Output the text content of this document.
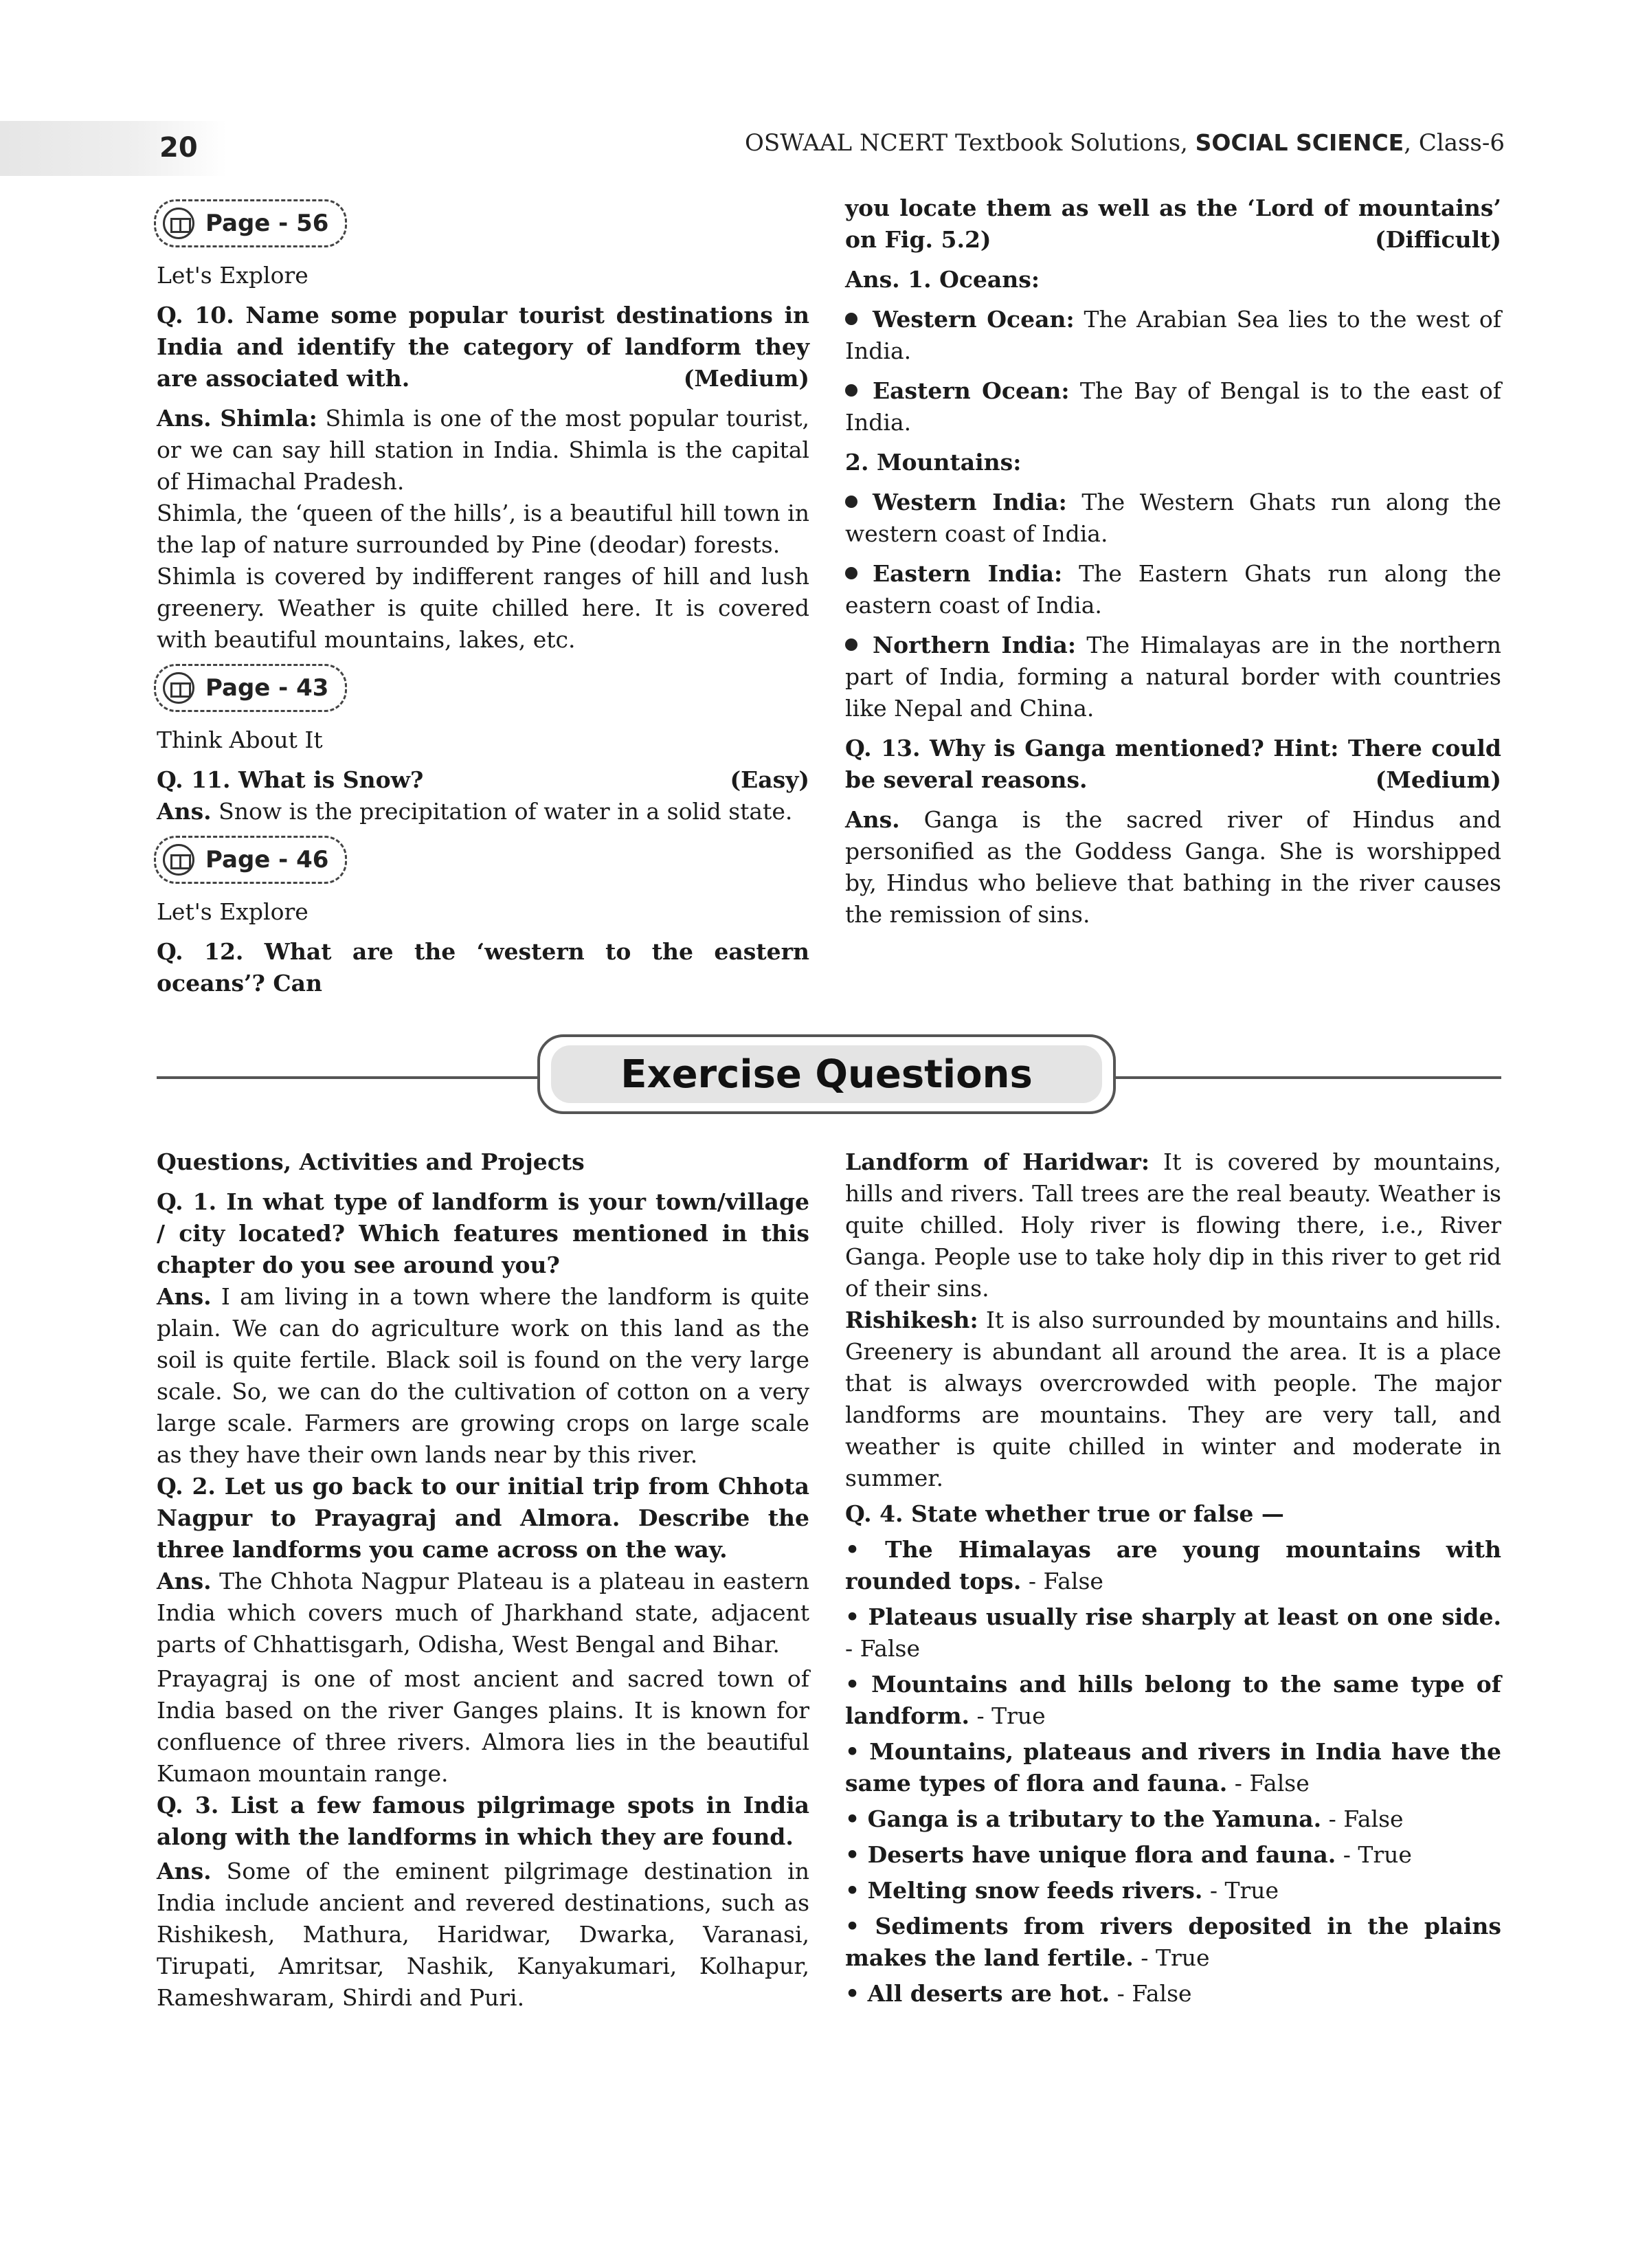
20	OSWAAL NCERT Textbook Solutions, SOCIAL SCIENCE, Class-6
Page - 56

Let's Explore

Q. 10. Name some popular tourist destinations in India and identify the category of landform they are associated with.	(Medium)

Ans. Shimla: Shimla is one of the most popular tourist, or we can say hill station in India. Shimla is the capital of Himachal Pradesh.

Shimla, the ‘queen of the hills’, is a beautiful hill town in the lap of nature surrounded by Pine (deodar) forests.

Shimla is covered by indifferent ranges of hill and lush greenery. Weather is quite chilled here. It is covered with beautiful mountains, lakes, etc.

Page - 43

Think About It

Q. 11. What is Snow?	(Easy)

Ans. Snow is the precipitation of water in a solid state.

Page - 46

Let's Explore

Q. 12. What are the ‘western to the eastern oceans’? Can

you locate them as well as the ‘Lord of mountains’ on Fig. 5.2)	(Difficult)

Ans. 1. Oceans:

Western Ocean: The Arabian Sea lies to the west of India.

Eastern Ocean: The Bay of Bengal is to the east of India.

2. Mountains:

Western India: The Western Ghats run along the western coast of India.

Eastern India: The Eastern Ghats run along the eastern coast of India.

Northern India: The Himalayas are in the northern part of India, forming a natural border with countries like Nepal and China.

Q. 13. Why is Ganga mentioned? Hint: There could be several reasons.	(Medium)

Ans. Ganga is the sacred river of Hindus and personified as the Goddess Ganga. She is worshipped by, Hindus who believe that bathing in the river causes the remission of sins.

Exercise Questions

Questions, Activities and Projects

Q. 1. In what type of landform is your town/village / city located? Which features mentioned in this chapter do you see around you?

Ans. I am living in a town where the landform is quite plain. We can do agriculture work on this land as the soil is quite fertile. Black soil is found on the very large scale. So, we can do the cultivation of cotton on a very large scale. Farmers are growing crops on large scale as they have their own lands near by this river.

Q. 2. Let us go back to our initial trip from Chhota Nagpur to Prayagraj and Almora. Describe the three landforms you came across on the way.

Ans. The Chhota Nagpur Plateau is a plateau in eastern India which covers much of Jharkhand state, adjacent parts of Chhattisgarh, Odisha, West Bengal and Bihar.

Prayagraj is one of most ancient and sacred town of India based on the river Ganges plains. It is known for confluence of three rivers. Almora lies in the beautiful Kumaon mountain range.

Q. 3. List a few famous pilgrimage spots in India along with the landforms in which they are found.

Ans. Some of the eminent pilgrimage destination in India include ancient and revered destinations, such as Rishikesh, Mathura, Haridwar, Dwarka, Varanasi, Tirupati, Amritsar, Nashik, Kanyakumari, Kolhapur, Rameshwaram, Shirdi and Puri.

Landform of Haridwar: It is covered by mountains, hills and rivers. Tall trees are the real beauty. Weather is quite chilled. Holy river is flowing there, i.e., River Ganga. People use to take holy dip in this river to get rid of their sins.

Rishikesh: It is also surrounded by mountains and hills. Greenery is abundant all around the area. It is a place that is always overcrowded with people. The major landforms are mountains. They are very tall, and weather is quite chilled in winter and moderate in summer.

Q. 4. State whether true or false —

• The Himalayas are young mountains with rounded tops. - False

• Plateaus usually rise sharply at least on one side. - False

• Mountains and hills belong to the same type of landform. - True

• Mountains, plateaus and rivers in India have the same types of flora and fauna. - False

• Ganga is a tributary to the Yamuna. - False

• Deserts have unique flora and fauna. - True

• Melting snow feeds rivers. - True

• Sediments from rivers deposited in the plains makes the land fertile. - True

• All deserts are hot. - False
